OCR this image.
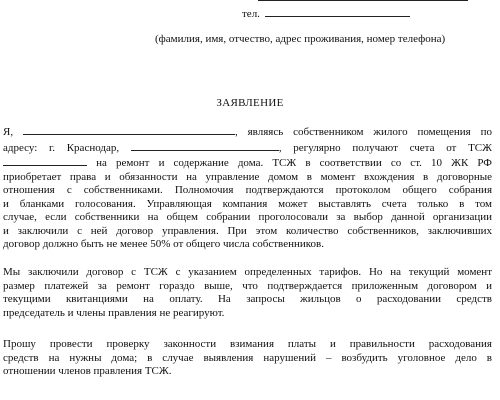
тел.
(фамилия, имя, отчество, адрес проживания, номер телефона)
ЗАЯВЛЕНИЕ
Я,	, являясь собственником жилого помещения по
адресу: г. Краснодар,	, регулярно получают счета от ТСЖ
на ремонт и содержание дома. ТСЖ в соответствии со ст. 10 ЖК РФ
приобретает права и обязанности на управление домом в момент вхождения в договорные
отношения с собственниками. Полномочия подтверждаются протоколом общего собрания
и бланками голосования. Управляющая компания может выставлять счета только в том
случае, если собственники на общем собрании проголосовали за выбор данной организации
и заключили с ней договор управления. При этом количество собственников, заключивших
договор должно быть не менее 50% от общего числа собственников.
Мы заключили договор с ТСЖ с указанием определенных тарифов. Но на текущий момент
размер платежей за ремонт гораздо выше, что подтверждается приложенным договором и
текущими квитанциями на оплату. На запросы жильцов о расходовании средств
председатель и члены правления не реагируют.
Прошу провести проверку законности взимания платы и правильности расходования
средств на нужны дома; в случае выявления нарушений – возбудить уголовное дело в
отношении членов правления ТСЖ.
